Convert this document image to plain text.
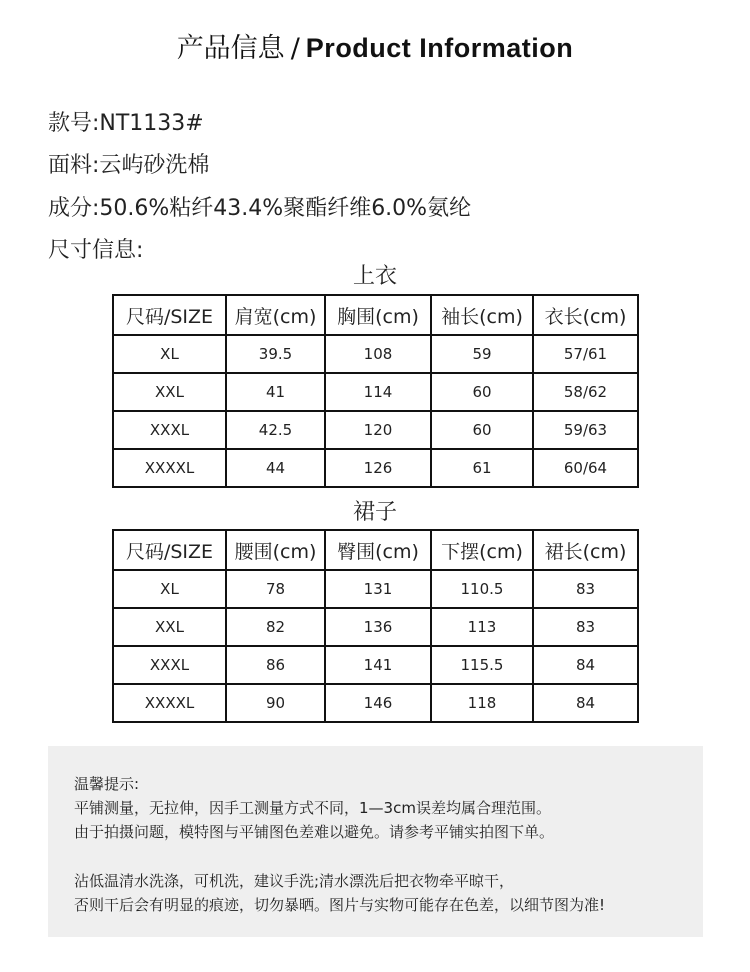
产品信息 / Product Information
款号:NT1133#
面料:云屿砂洗棉
成分:50.6%粘纤43.4%聚酯纤维6.0%氨纶
尺寸信息:
上衣
尺码/SIZE	肩宽(cm)	胸围(cm)	袖长(cm)	衣长(cm)
XL	39.5	108	59	57/61
XXL	41	114	60	58/62
XXXL	42.5	120	60	59/63
XXXXL	44	126	61	60/64
裙子
尺码/SIZE	腰围(cm)	臀围(cm)	下摆(cm)	裙长(cm)
XL	78	131	110.5	83
XXL	82	136	113	83
XXXL	86	141	115.5	84
XXXXL	90	146	118	84

温馨提示:

平铺测量，无拉伸，因手工测量方式不同，1—3cm误差均属合理范围。

由于拍摄问题，模特图与平铺图色差难以避免。请参考平铺实拍图下单。

沾低温清水洗涤，可机洗，建议手洗;清水漂洗后把衣物牵平晾干，

否则干后会有明显的痕迹，切勿暴晒。图片与实物可能存在色差，以细节图为准!
